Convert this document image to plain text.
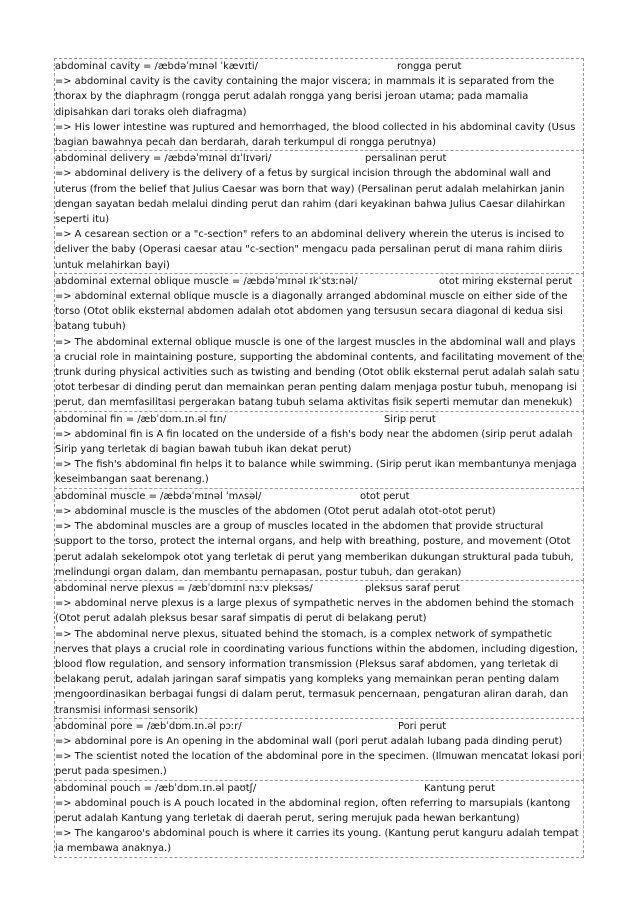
abdominal cavity = /æbdəˈmɪnəl ˈkævɪti/	rongga perut

=> abdominal cavity is the cavity containing the major viscera; in mammals it is separated from the thorax by the diaphragm (rongga perut adalah rongga yang berisi jeroan utama; pada mamalia dipisahkan dari toraks oleh diafragma)

=> His lower intestine was ruptured and hemorrhaged, the blood collected in his abdominal cavity (Usus bagian bawahnya pecah dan berdarah, darah terkumpul di rongga perutnya)

abdominal delivery = /æbdəˈmɪnəl dɪˈlɪvəri/	persalinan perut

=> abdominal delivery is the delivery of a fetus by surgical incision through the abdominal wall and uterus (from the belief that Julius Caesar was born that way) (Persalinan perut adalah melahirkan janin dengan sayatan bedah melalui dinding perut dan rahim (dari keyakinan bahwa Julius Caesar dilahirkan seperti itu)

=> A cesarean section or a "c-section" refers to an abdominal delivery wherein the uterus is incised to deliver the baby (Operasi caesar atau "c-section" mengacu pada persalinan perut di mana rahim diiris untuk melahirkan bayi)

abdominal external oblique muscle = /æbdəˈmɪnəl ɪkˈstɜːnəl/	otot miring eksternal perut

=> abdominal external oblique muscle is a diagonally arranged abdominal muscle on either side of the torso (Otot oblik eksternal abdomen adalah otot abdomen yang tersusun secara diagonal di kedua sisi batang tubuh)

=> The abdominal external oblique muscle is one of the largest muscles in the abdominal wall and plays a crucial role in maintaining posture, supporting the abdominal contents, and facilitating movement of the trunk during physical activities such as twisting and bending (Otot oblik eksternal perut adalah salah satu otot terbesar di dinding perut dan memainkan peran penting dalam menjaga postur tubuh, menopang isi perut, dan memfasilitasi pergerakan batang tubuh selama aktivitas fisik seperti memutar dan menekuk)

abdominal fin = /æbˈdɒm.ɪn.əl fɪn/	Sirip perut

=> abdominal fin is A fin located on the underside of a fish's body near the abdomen (sirip perut adalah Sirip yang terletak di bagian bawah tubuh ikan dekat perut)

=> The fish's abdominal fin helps it to balance while swimming. (Sirip perut ikan membantunya menjaga keseimbangan saat berenang.)

abdominal muscle = /æbdəˈmɪnəl ˈmʌsəl/	otot perut

=> abdominal muscle is the muscles of the abdomen (Otot perut adalah otot-otot perut)

=> The abdominal muscles are a group of muscles located in the abdomen that provide structural support to the torso, protect the internal organs, and help with breathing, posture, and movement (Otot perut adalah sekelompok otot yang terletak di perut yang memberikan dukungan struktural pada tubuh, melindungi organ dalam, dan membantu pernapasan, postur tubuh, dan gerakan)

abdominal nerve plexus = /æbˈdɒmɪnl nɜːv pleksəs/	pleksus saraf perut

=> abdominal nerve plexus is a large plexus of sympathetic nerves in the abdomen behind the stomach (Otot perut adalah pleksus besar saraf simpatis di perut di belakang perut)

=> The abdominal nerve plexus, situated behind the stomach, is a complex network of sympathetic nerves that plays a crucial role in coordinating various functions within the abdomen, including digestion, blood flow regulation, and sensory information transmission (Pleksus saraf abdomen, yang terletak di belakang perut, adalah jaringan saraf simpatis yang kompleks yang memainkan peran penting dalam mengoordinasikan berbagai fungsi di dalam perut, termasuk pencernaan, pengaturan aliran darah, dan transmisi informasi sensorik)

abdominal pore = /æbˈdɒm.ɪn.əl pɔːr/	Pori perut

=> abdominal pore is An opening in the abdominal wall (pori perut adalah lubang pada dinding perut)

=> The scientist noted the location of the abdominal pore in the specimen. (Ilmuwan mencatat lokasi pori perut pada spesimen.)

abdominal pouch = /æbˈdɒm.ɪn.əl paʊtʃ/	Kantung perut

=> abdominal pouch is A pouch located in the abdominal region, often referring to marsupials (kantong perut adalah Kantung yang terletak di daerah perut, sering merujuk pada hewan berkantung)

=> The kangaroo's abdominal pouch is where it carries its young. (Kantung perut kanguru adalah tempat ia membawa anaknya.)
